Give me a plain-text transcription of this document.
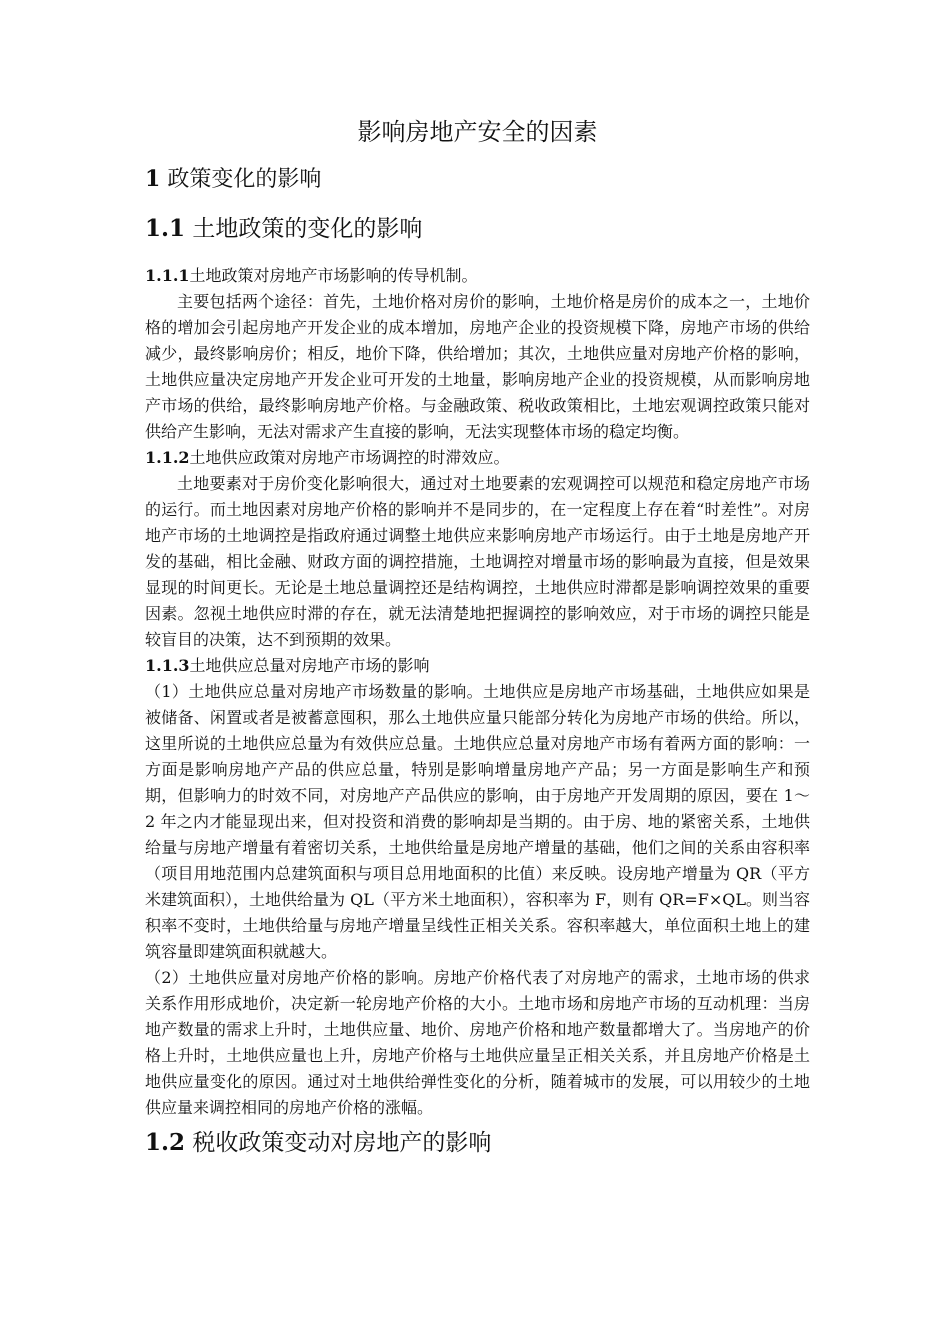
影响房地产安全的因素
1 政策变化的影响
1.1 土地政策的变化的影响
1.1.1土地政策对房地产市场影响的传导机制。

主要包括两个途径：首先，土地价格对房价的影响，土地价格是房价的成本之一，土地价格的增加会引起房地产开发企业的成本增加，房地产企业的投资规模下降，房地产市场的供给减少，最终影响房价；相反，地价下降，供给增加；其次，土地供应量对房地产价格的影响，土地供应量决定房地产开发企业可开发的土地量，影响房地产企业的投资规模，从而影响房地产市场的供给，最终影响房地产价格。与金融政策、税收政策相比，土地宏观调控政策只能对供给产生影响，无法对需求产生直接的影响，无法实现整体市场的稳定均衡。

1.1.2土地供应政策对房地产市场调控的时滞效应。

土地要素对于房价变化影响很大，通过对土地要素的宏观调控可以规范和稳定房地产市场的运行。而土地因素对房地产价格的影响并不是同步的，在一定程度上存在着“时差性”。对房地产市场的土地调控是指政府通过调整土地供应来影响房地产市场运行。由于土地是房地产开发的基础，相比金融、财政方面的调控措施，土地调控对增量市场的影响最为直接，但是效果显现的时间更长。无论是土地总量调控还是结构调控，土地供应时滞都是影响调控效果的重要因素。忽视土地供应时滞的存在，就无法清楚地把握调控的影响效应，对于市场的调控只能是较盲目的决策，达不到预期的效果。

1.1.3土地供应总量对房地产市场的影响

（1）土地供应总量对房地产市场数量的影响。土地供应是房地产市场基础，土地供应如果是被储备、闲置或者是被蓄意囤积，那么土地供应量只能部分转化为房地产市场的供给。所以，这里所说的土地供应总量为有效供应总量。土地供应总量对房地产市场有着两方面的影响：一方面是影响房地产产品的供应总量，特别是影响增量房地产产品；另一方面是影响生产和预期，但影响力的时效不同，对房地产产品供应的影响，由于房地产开发周期的原因，要在 1～2 年之内才能显现出来，但对投资和消费的影响却是当期的。由于房、地的紧密关系，土地供给量与房地产增量有着密切关系，土地供给量是房地产增量的基础，他们之间的关系由容积率（项目用地范围内总建筑面积与项目总用地面积的比值）来反映。设房地产增量为 QR（平方米建筑面积），土地供给量为 QL（平方米土地面积），容积率为 F，则有 QR=F×QL。则当容积率不变时，土地供给量与房地产增量呈线性正相关关系。容积率越大，单位面积土地上的建筑容量即建筑面积就越大。

（2）土地供应量对房地产价格的影响。房地产价格代表了对房地产的需求，土地市场的供求关系作用形成地价，决定新一轮房地产价格的大小。土地市场和房地产市场的互动机理：当房地产数量的需求上升时，土地供应量、地价、房地产价格和地产数量都增大了。当房地产的价格上升时，土地供应量也上升，房地产价格与土地供应量呈正相关关系，并且房地产价格是土地供应量变化的原因。通过对土地供给弹性变化的分析，随着城市的发展，可以用较少的土地供应量来调控相同的房地产价格的涨幅。

1.2 税收政策变动对房地产的影响
